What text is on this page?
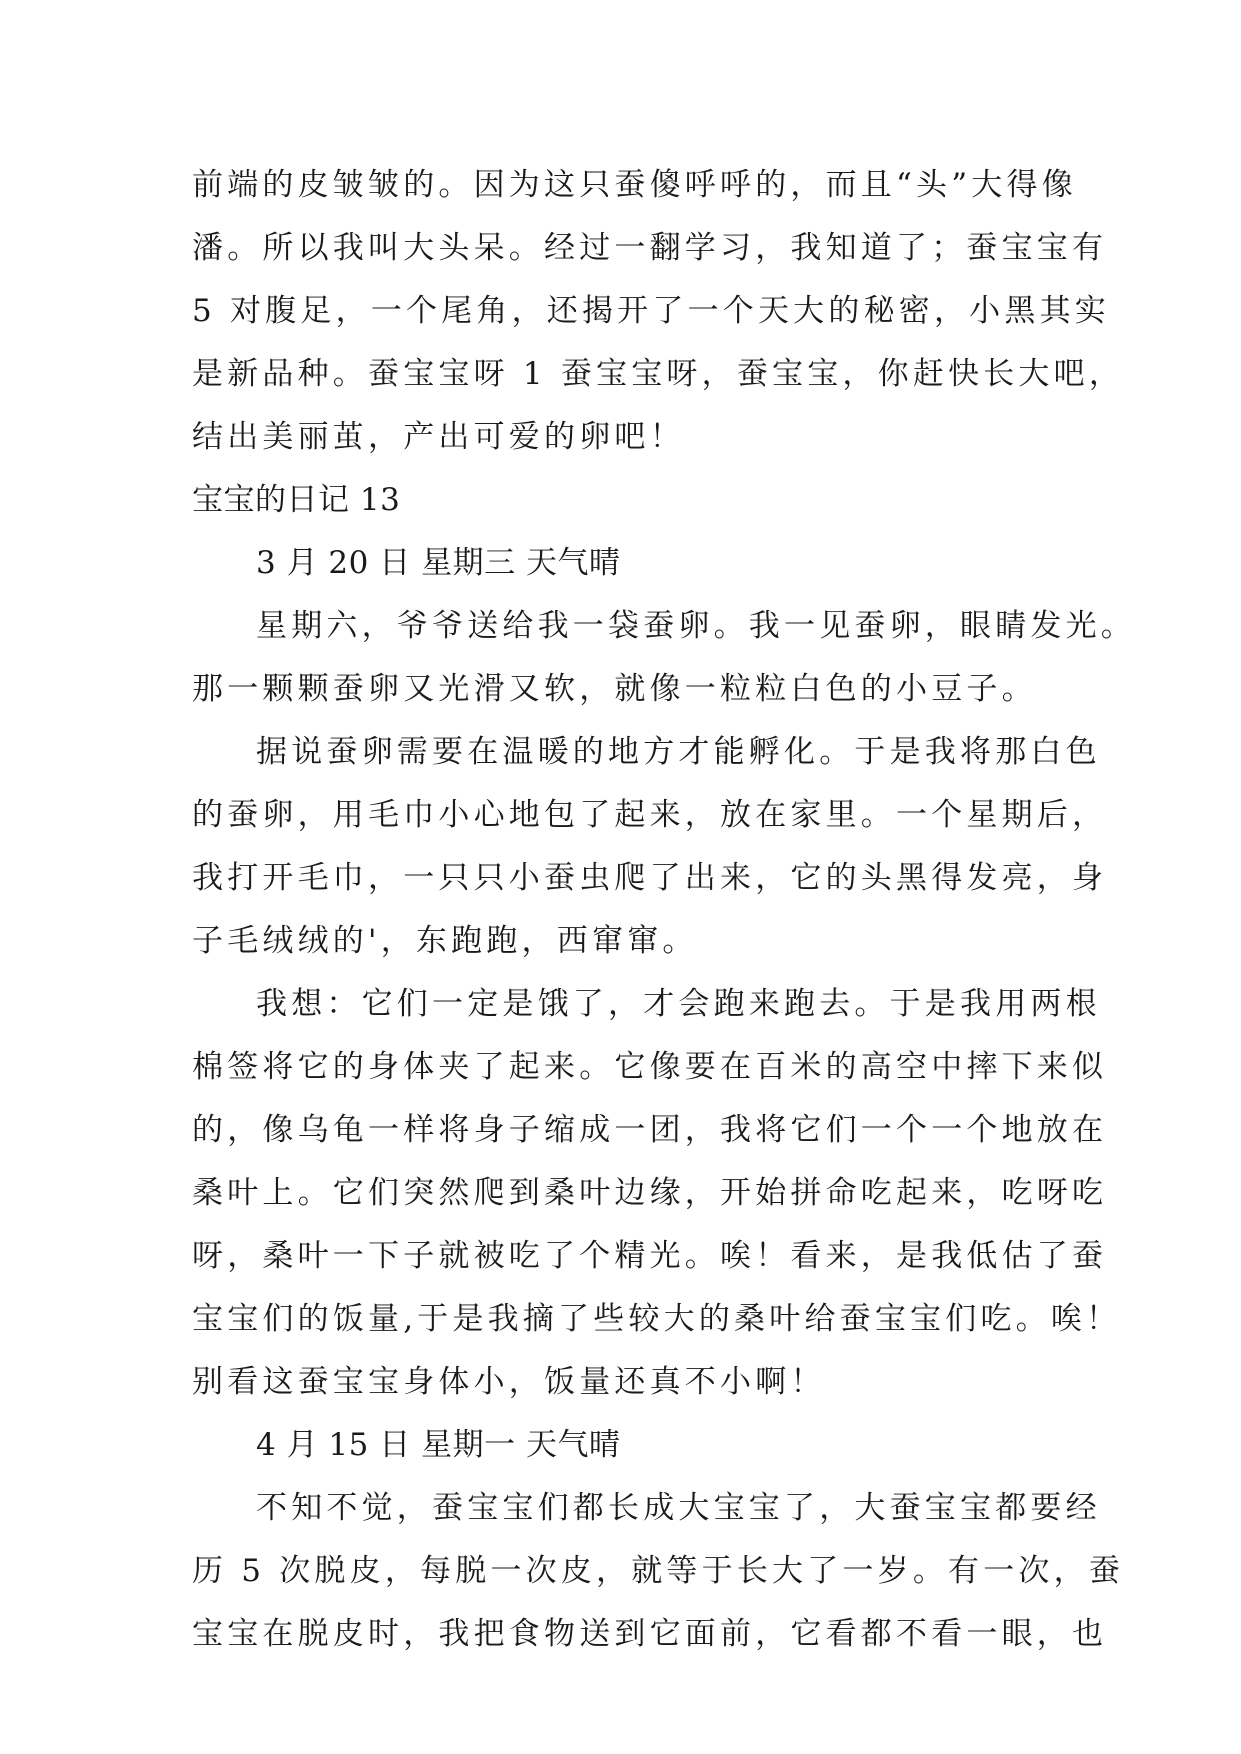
前端的皮皱皱的。因为这只蚕傻呼呼的，而且“头”大得像
潘。所以我叫大头呆。经过一翻学习，我知道了；蚕宝宝有
5 对腹足，一个尾角，还揭开了一个天大的秘密，小黑其实
是新品种。蚕宝宝呀 1 蚕宝宝呀，蚕宝宝，你赶快长大吧，
结出美丽茧，产出可爱的卵吧！
宝宝的日记 13
3 月 20 日 星期三 天气晴
星期六，爷爷送给我一袋蚕卵。我一见蚕卵，眼睛发光。
那一颗颗蚕卵又光滑又软，就像一粒粒白色的小豆子。
据说蚕卵需要在温暖的地方才能孵化。于是我将那白色
的蚕卵，用毛巾小心地包了起来，放在家里。一个星期后，
我打开毛巾，一只只小蚕虫爬了出来，它的头黑得发亮，身
子毛绒绒的'，东跑跑，西窜窜。
我想：它们一定是饿了，才会跑来跑去。于是我用两根
棉签将它的身体夹了起来。它像要在百米的高空中摔下来似
的，像乌龟一样将身子缩成一团，我将它们一个一个地放在
桑叶上。它们突然爬到桑叶边缘，开始拼命吃起来，吃呀吃
呀，桑叶一下子就被吃了个精光。唉！看来，是我低估了蚕
宝宝们的饭量,于是我摘了些较大的桑叶给蚕宝宝们吃。唉！
别看这蚕宝宝身体小，饭量还真不小啊！
4 月 15 日 星期一 天气晴
不知不觉，蚕宝宝们都长成大宝宝了，大蚕宝宝都要经
历 5 次脱皮，每脱一次皮，就等于长大了一岁。有一次，蚕
宝宝在脱皮时，我把食物送到它面前，它看都不看一眼，也
